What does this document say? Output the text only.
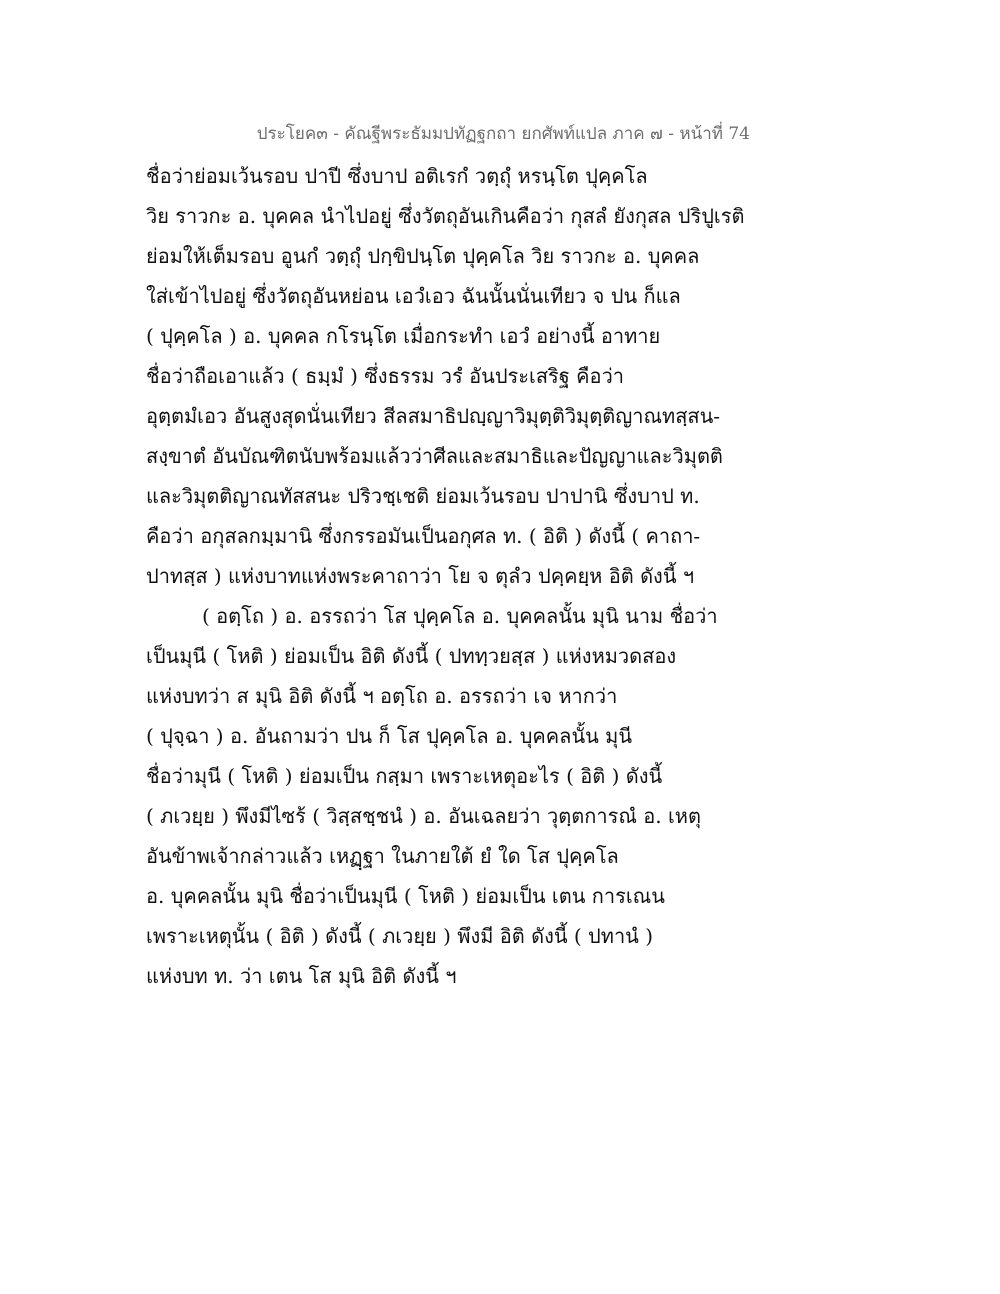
ประโยค๓ - คัณฐีพระธัมมปทัฏฐกถา ยกศัพท์แปล ภาค ๗ - หน้าที่ 74
ชื่อว่าย่อมเว้นรอบ ปาปี ซึ่งบาป อติเรกํ วตฺถุํ หรนฺโต ปุคฺคโล
วิย ราวกะ อ. บุคคล นำไปอยู่ ซึ่งวัตถุอันเกินคือว่า กุสลํ ยังกุสล ปริปูเรติ
ย่อมให้เต็มรอบ อูนกํ วตฺถุํ ปกฺขิปนฺโต ปุคฺคโล วิย ราวกะ อ. บุคคล
ใส่เข้าไปอยู่ ซึ่งวัตถุอันหย่อน เอวํเอว ฉันนั้นนั่นเทียว จ ปน ก็แล
( ปุคฺคโล ) อ. บุคคล กโรนฺโต เมื่อกระทำ เอวํ อย่างนี้ อาทาย
ชื่อว่าถือเอาแล้ว ( ธมฺมํ ) ซึ่งธรรม วรํ อันประเสริฐ คือว่า
อุตฺตมํเอว อันสูงสุดนั่นเทียว สีลสมาธิปญฺญาวิมุตฺติวิมุตฺติญาณทสฺสน-
สงฺขาตํ อันบัณฑิตนับพร้อมแล้วว่าศีลและสมาธิและปัญญาและวิมุตติ
และวิมุตติญาณทัสสนะ ปริวชฺเชติ ย่อมเว้นรอบ ปาปานิ ซึ่งบาป ท.
คือว่า อกุสลกมฺมานิ ซึ่งกรรอมันเป็นอกุศล ท. ( อิติ ) ดังนี้ ( คาถา-
ปาทสฺส ) แห่งบาทแห่งพระคาถาว่า โย จ ตุลํว ปคฺคยฺห อิติ ดังนี้ ฯ
( อตฺโถ ) อ. อรรถว่า โส ปุคฺคโล อ. บุคคลนั้น มุนิ นาม ชื่อว่า
เป็นมุนี ( โหติ ) ย่อมเป็น อิติ ดังนี้ ( ปททฺวยสฺส ) แห่งหมวดสอง
แห่งบทว่า ส มุนิ อิติ ดังนี้ ฯ อตฺโถ อ. อรรถว่า เจ หากว่า
( ปุจฺฉา ) อ. อันถามว่า ปน ก็ โส ปุคฺคโล อ. บุคคลนั้น มุนี
ชื่อว่ามุนี ( โหติ ) ย่อมเป็น กสฺมา เพราะเหตุอะไร ( อิติ ) ดังนี้
( ภเวยฺย ) พึงมีไซร้ ( วิสฺสชฺชนํ ) อ. อันเฉลยว่า วุตฺตการณํ อ. เหตุ
อันข้าพเจ้ากล่าวแล้ว เหฏฺฐา ในภายใต้ ยํ ใด โส ปุคฺคโล
อ. บุคคลนั้น มุนิ ชื่อว่าเป็นมุนี ( โหติ ) ย่อมเป็น เตน การเณน
เพราะเหตุนั้น ( อิติ ) ดังนี้ ( ภเวยฺย ) พึงมี อิติ ดังนี้ ( ปทานํ )
แห่งบท ท. ว่า เตน โส มุนิ อิติ ดังนี้ ฯ
